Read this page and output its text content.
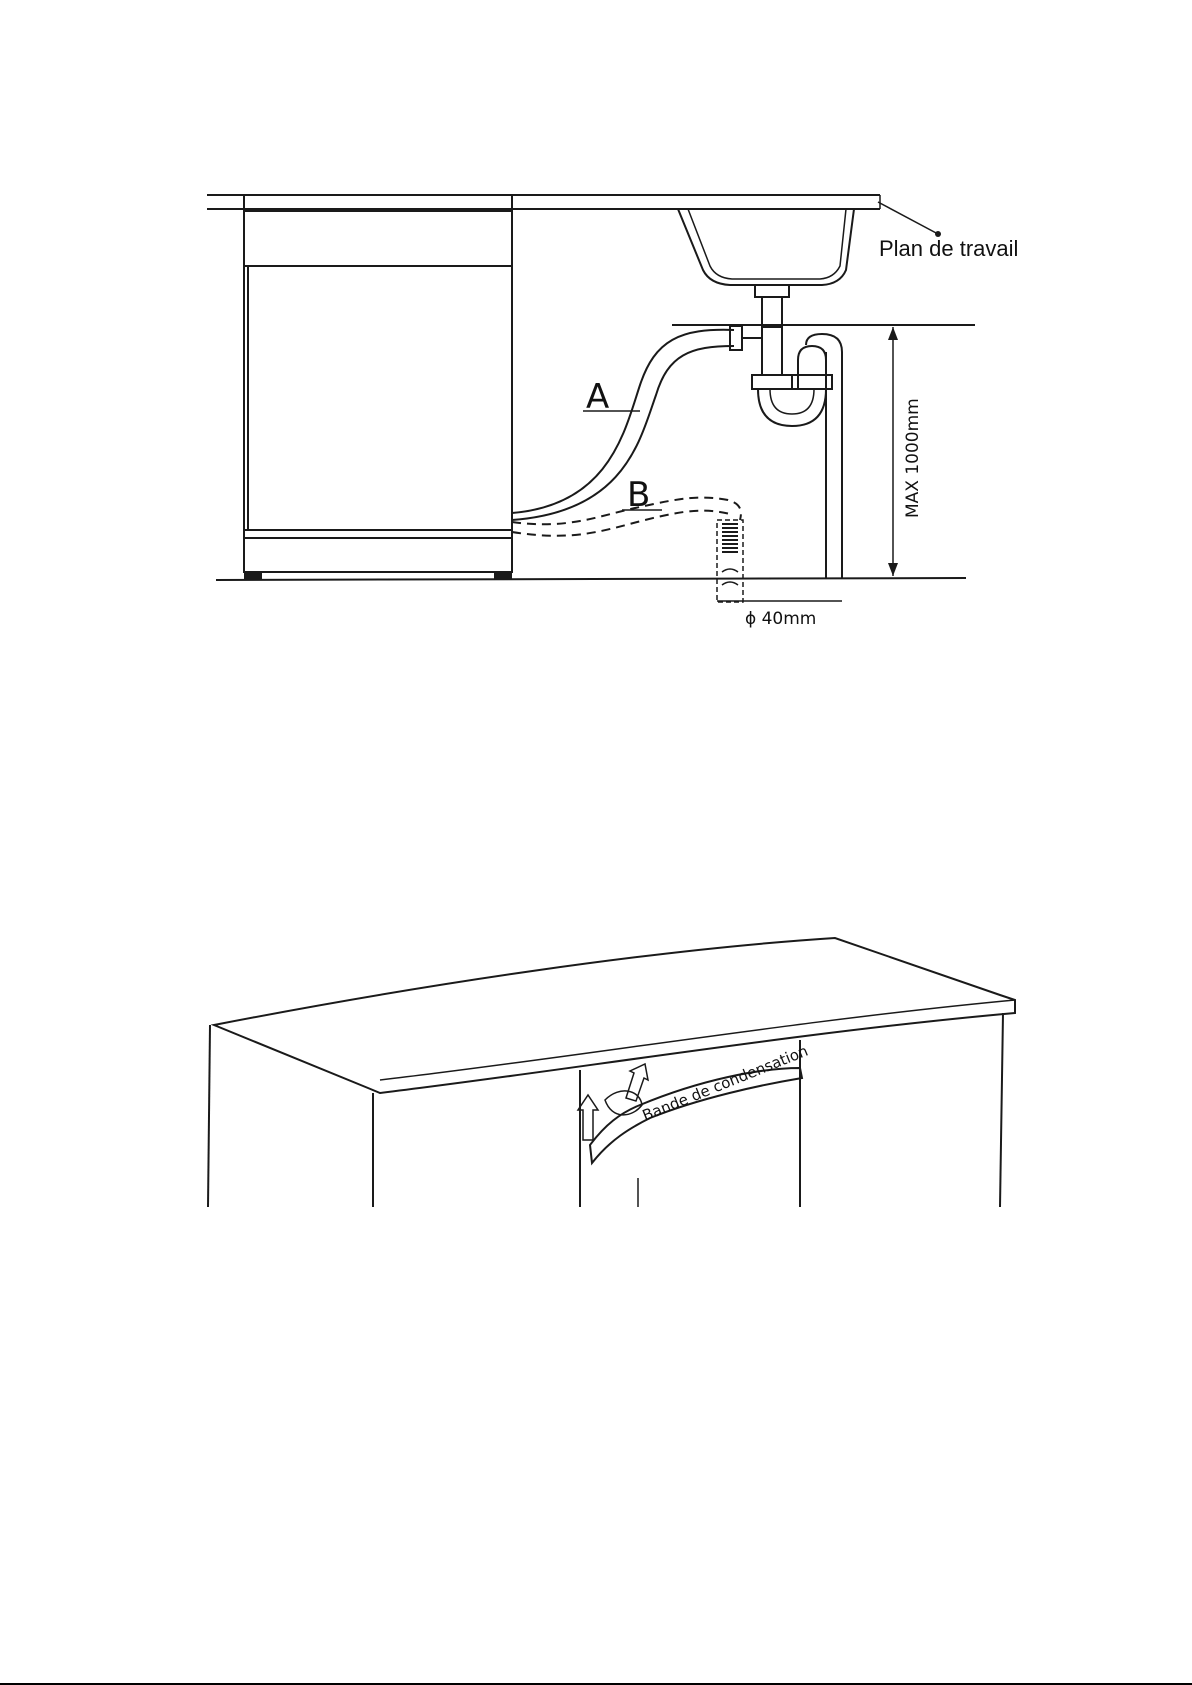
Plan de travail
MAX 1000mm
A
B
ɸ 40mm
Bande de condensation
